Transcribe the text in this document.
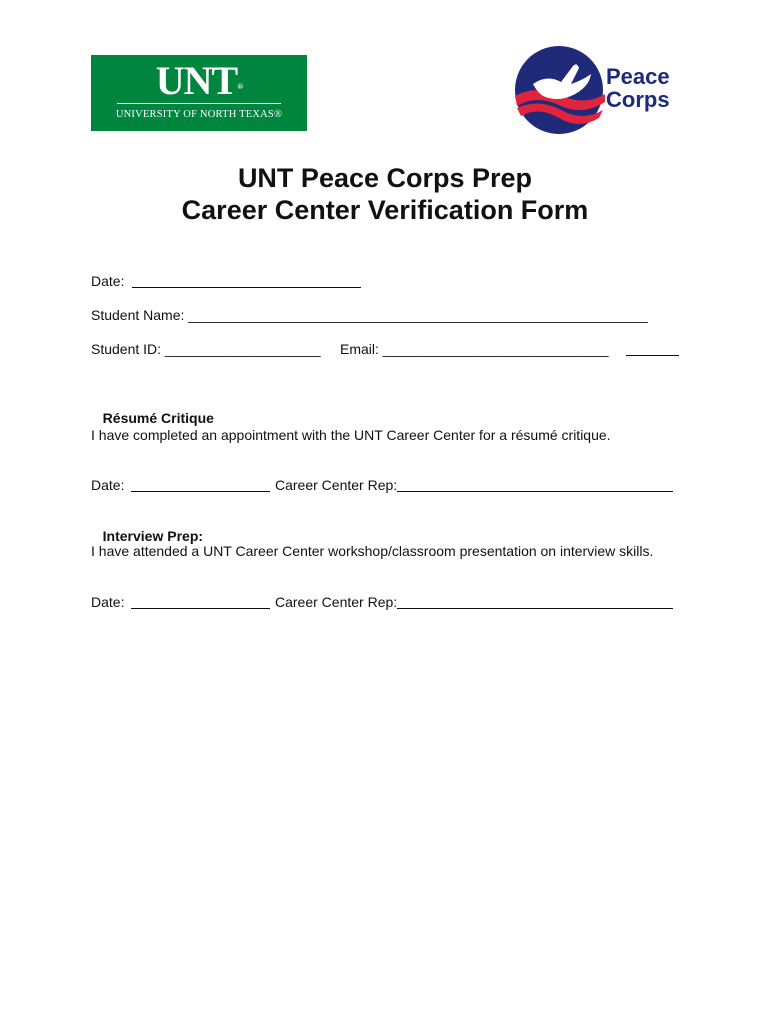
UNT®
UNIVERSITY OF NORTH TEXAS®
Peace
Corps
UNT Peace Corps Prep
Career Center Verification Form
Date:
Student Name: ___________________________________________________________
Student ID: ____________________ Email: _____________________________

Résumé Critique

I have completed an appointment with the UNT Career Center for a résumé critique.
Date:	Career Center Rep:

Interview Prep:

I have attended a UNT Career Center workshop/classroom presentation on interview skills.
Date:	Career Center Rep:
